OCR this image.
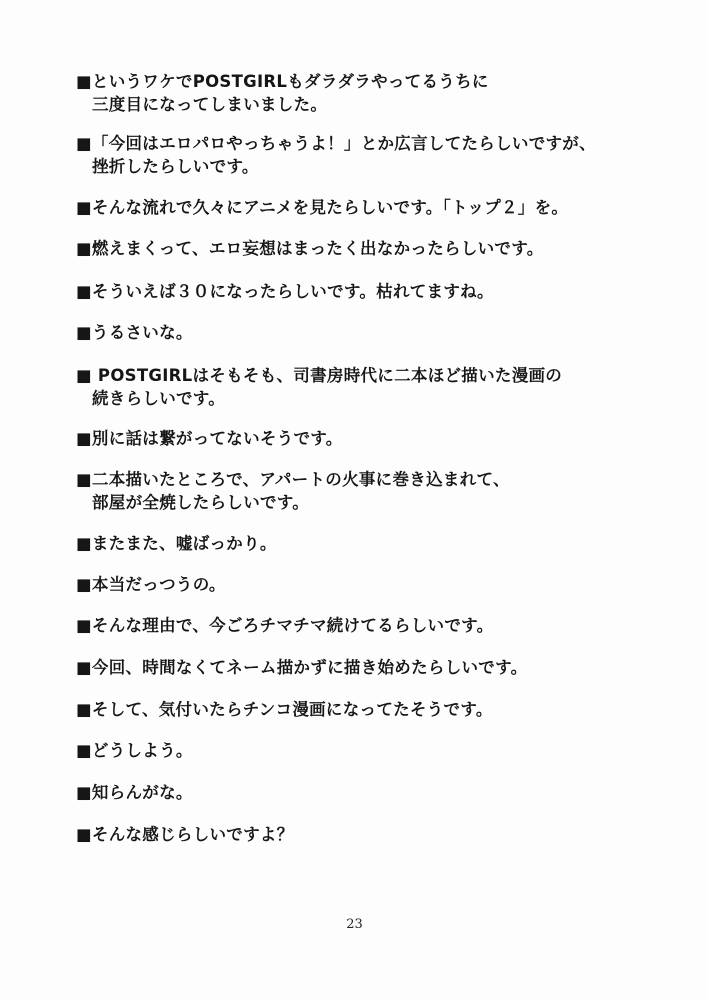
■というワケでPOSTGIRLもダラダラやってるうちに
三度目になってしまいました。

■「今回はエロパロやっちゃうよ！」とか広言してたらしいですが、
挫折したらしいです。

■そんな流れで久々にアニメを見たらしいです。「トップ２」を。

■燃えまくって、エロ妄想はまったく出なかったらしいです。

■そういえば３０になったらしいです。枯れてますね。

■うるさいな。

■ POSTGIRLはそもそも、司書房時代に二本ほど描いた漫画の
続きらしいです。

■別に話は繋がってないそうです。

■二本描いたところで、アパートの火事に巻き込まれて、
部屋が全焼したらしいです。

■またまた、嘘ばっかり。

■本当だっつうの。

■そんな理由で、今ごろチマチマ続けてるらしいです。

■今回、時間なくてネーム描かずに描き始めたらしいです。

■そして、気付いたらチンコ漫画になってたそうです。

■どうしよう。

■知らんがな。

■そんな感じらしいですよ？

23
